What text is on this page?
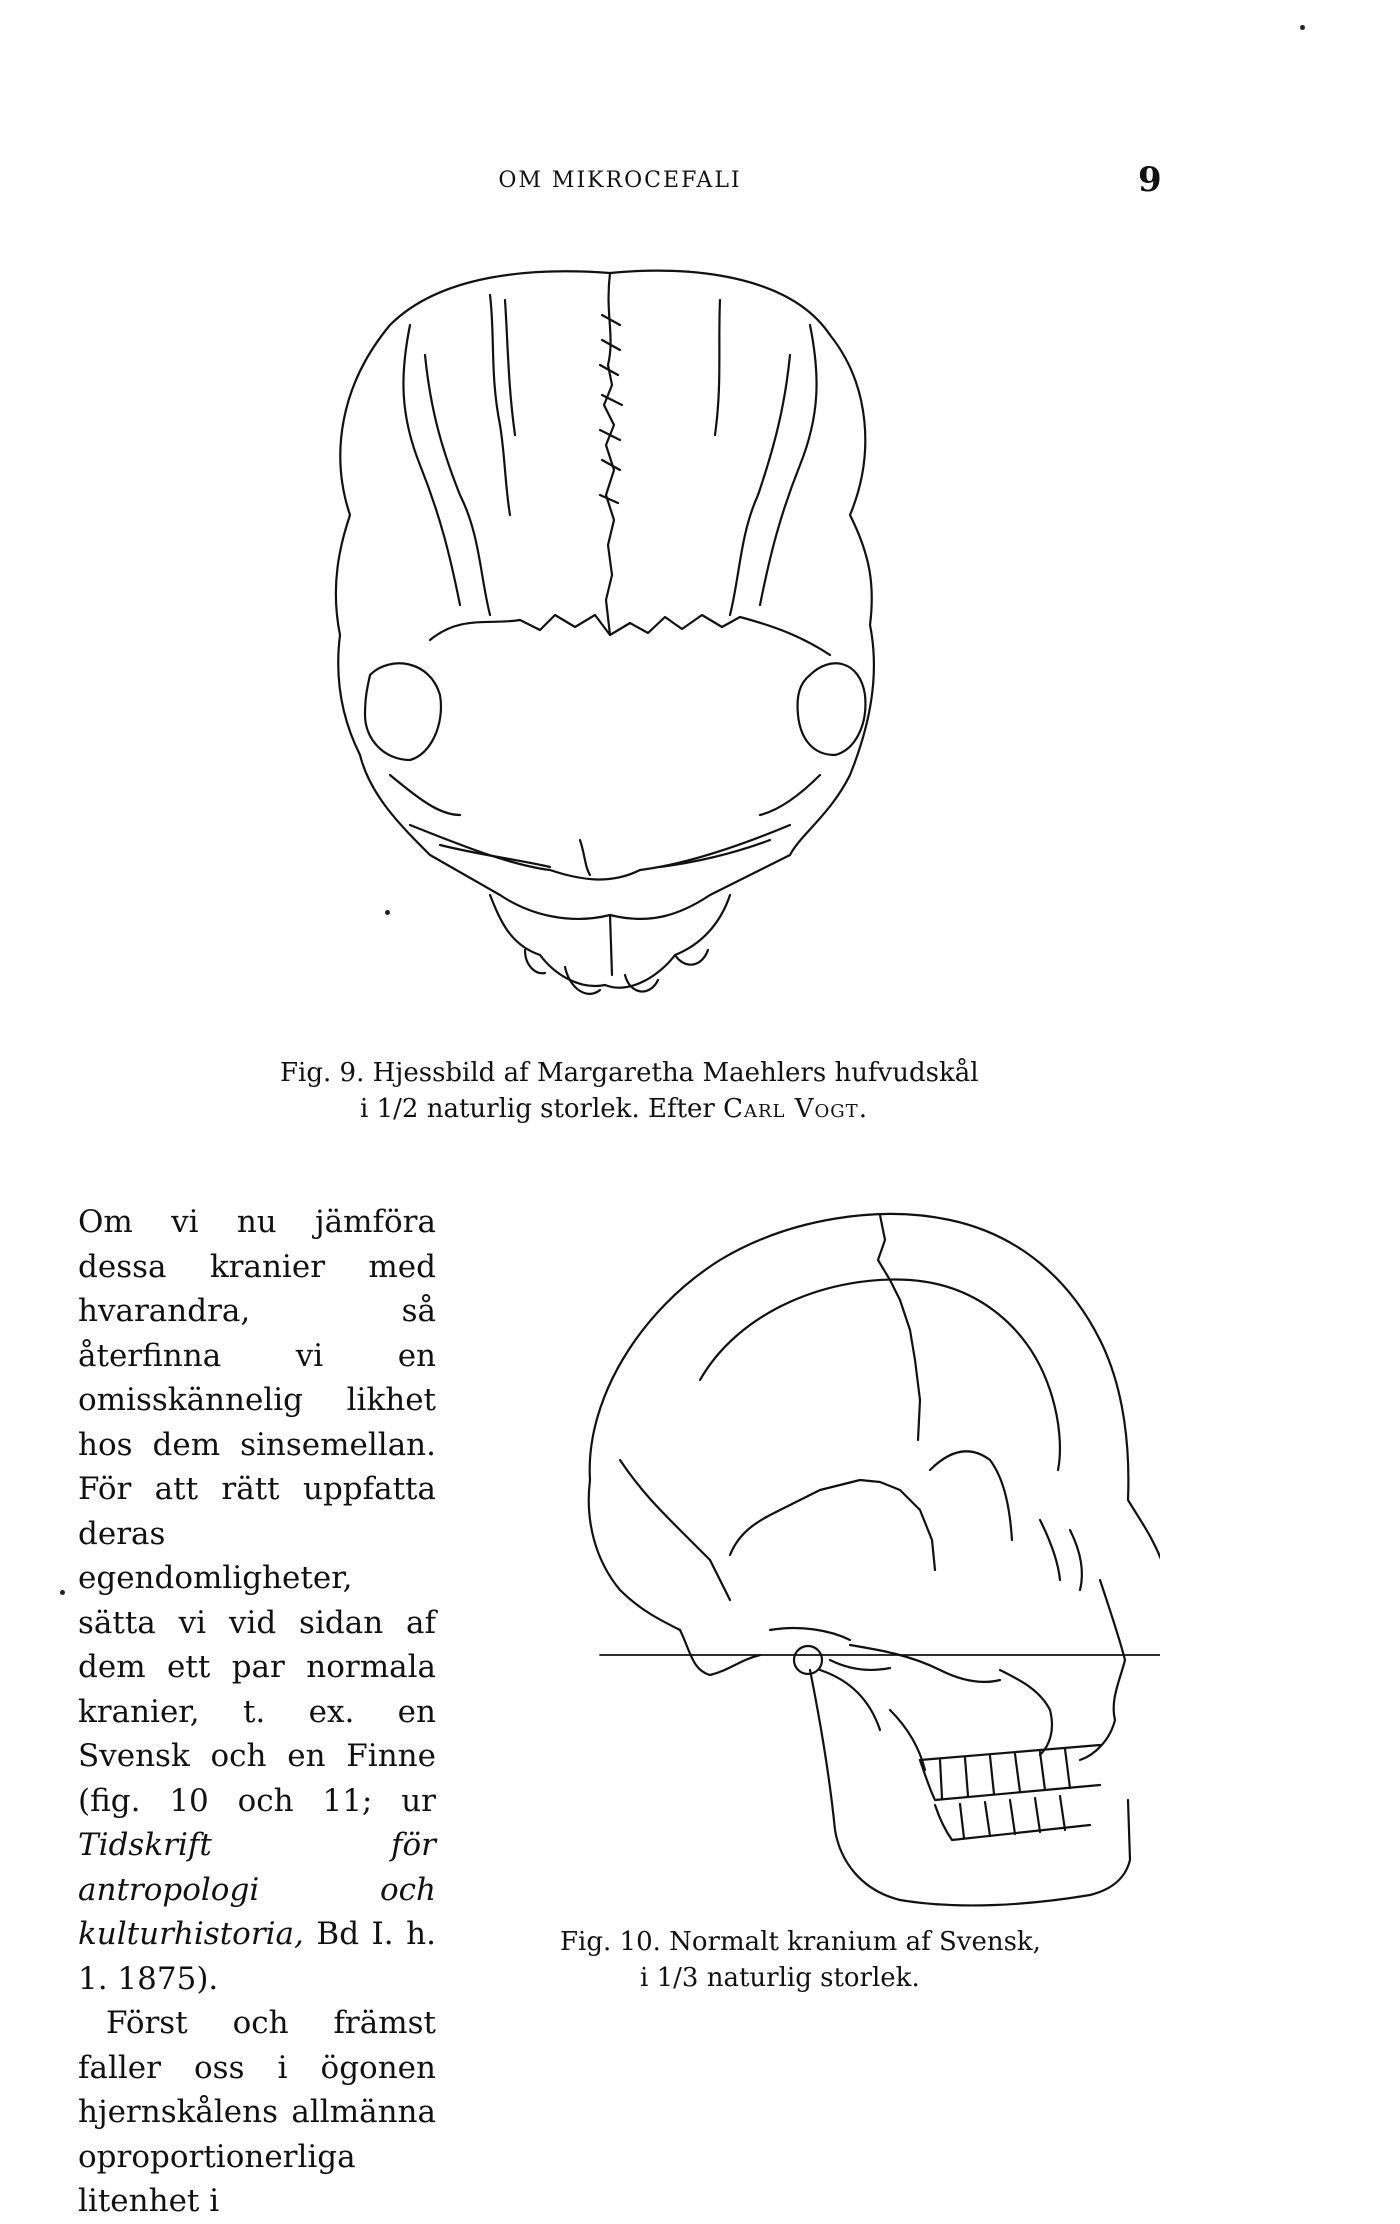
OM MIKROCEFALI	9
Fig. 9. Hjessbild af Margaretha Maehlers hufvudskål
i 1/2 naturlig storlek. Efter Carl Vogt.

Om vi nu jämföra dessa kranier med hvarandra, så återfinna vi en omisskännelig likhet hos dem sinsemellan. För att rätt uppfatta deras egendomligheter, sätta vi vid sidan af dem ett par normala kranier, t. ex. en Svensk och en Finne (fig. 10 och 11; ur Tidskrift för antropologi och kulturhistoria, Bd I. h. 1. 1875).

Först och främst faller oss i ögonen hjernskålens allmänna oproportionerliga litenhet i

Fig. 10. Normalt kranium af Svensk,
i 1/3 naturlig storlek.
